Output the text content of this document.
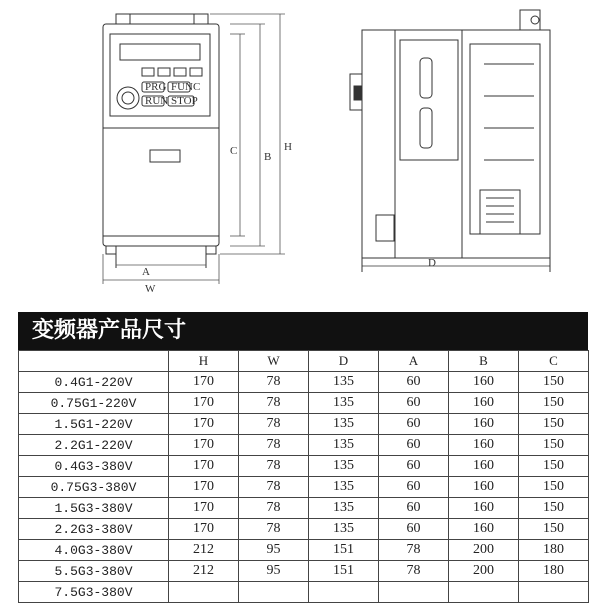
PRG FUNC
RUN STOP
A
W
C B
H
D
变频器产品尺寸
	H	W	D	A	B	C
0.4G1-220V	170	78	135	60	160	150
0.75G1-220V	170	78	135	60	160	150
1.5G1-220V	170	78	135	60	160	150
2.2G1-220V	170	78	135	60	160	150
0.4G3-380V	170	78	135	60	160	150
0.75G3-380V	170	78	135	60	160	150
1.5G3-380V	170	78	135	60	160	150
2.2G3-380V	170	78	135	60	160	150
4.0G3-380V	212	95	151	78	200	180
5.5G3-380V	212	95	151	78	200	180
7.5G3-380V						
